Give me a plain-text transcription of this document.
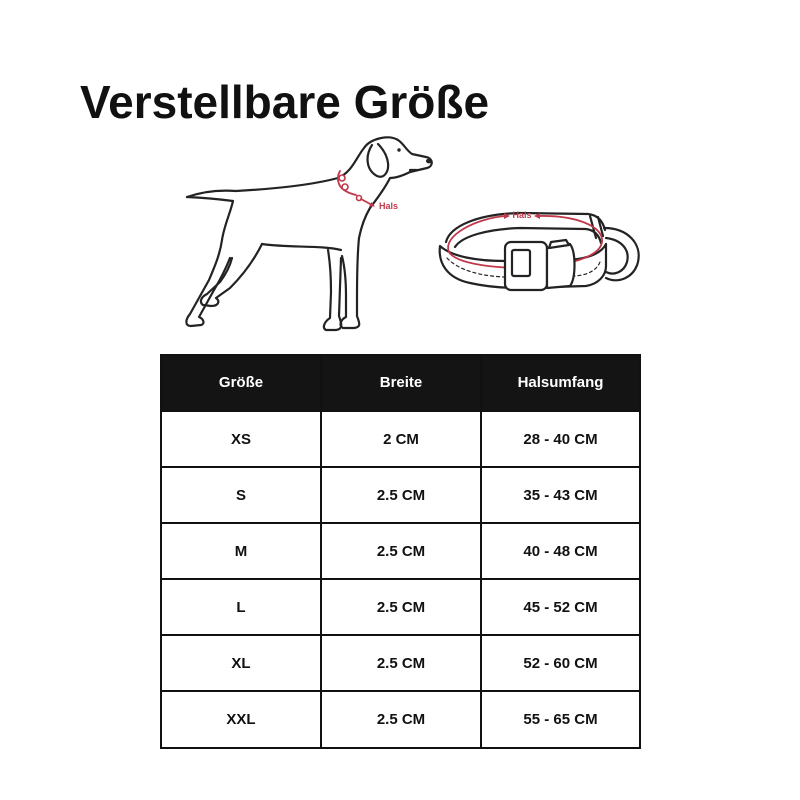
Hals
Hals
Verstellbare Größe
Größe	Breite	Halsumfang
XS	2 CM	28 - 40 CM
S	2.5 CM	35 - 43 CM
M	2.5 CM	40 - 48 CM
L	2.5 CM	45 - 52 CM
XL	2.5 CM	52 - 60 CM
XXL	2.5 CM	55 - 65 CM
